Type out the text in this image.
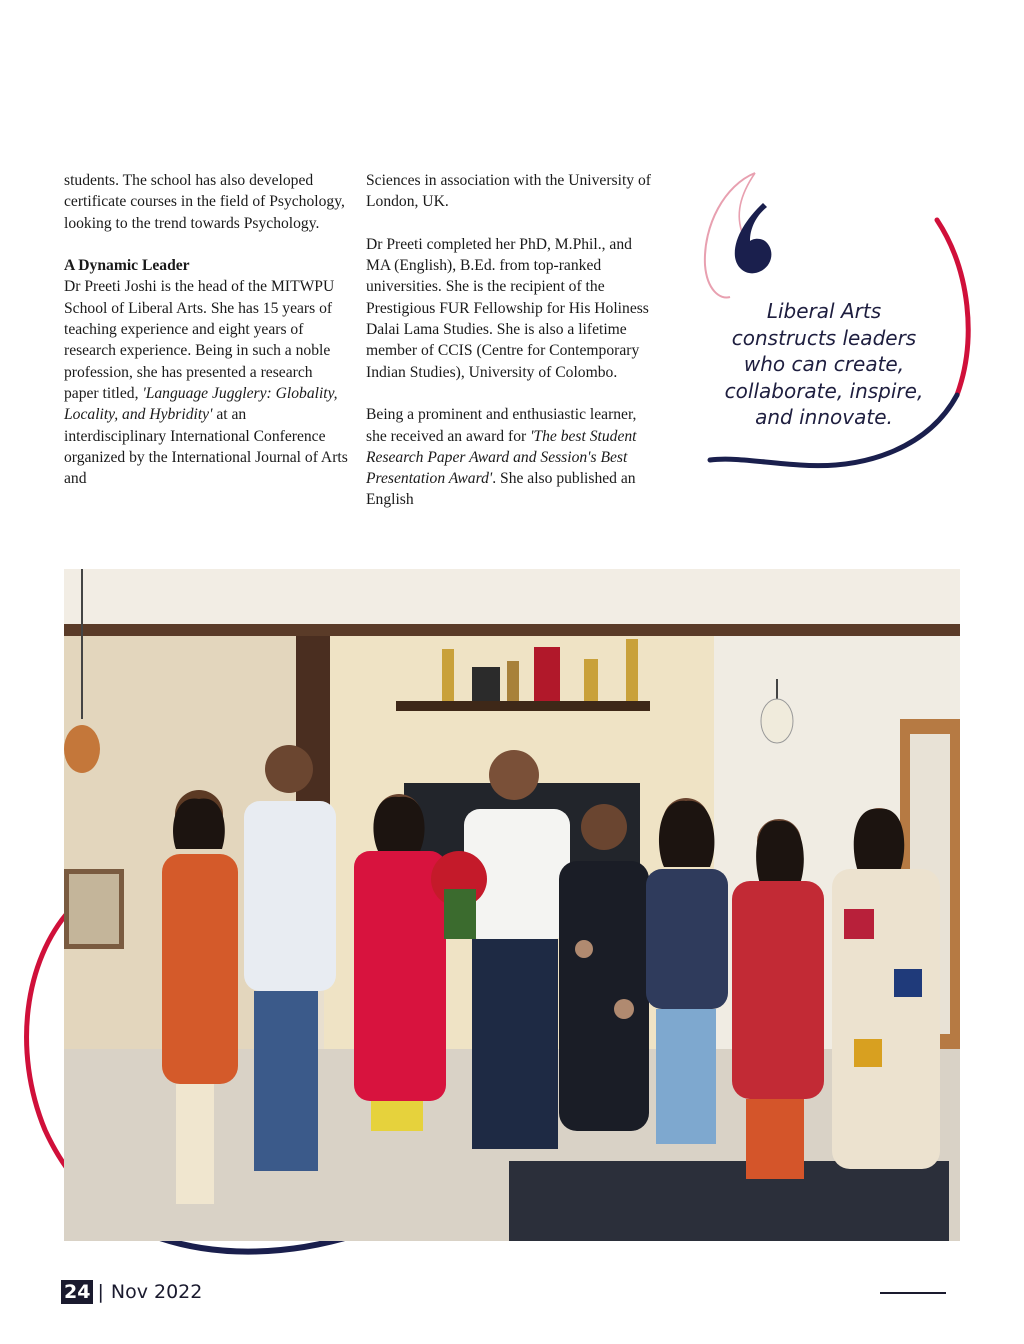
students. The school has also developed certificate courses in the field of Psychology, looking to the trend towards Psychology.

A Dynamic Leader
Dr Preeti Joshi is the head of the MITWPU School of Liberal Arts. She has 15 years of teaching experience and eight years of research experience. Being in such a noble profession, she has presented a research paper titled, 'Language Jugglery: Globality, Locality, and Hybridity' at an interdisciplinary International Conference organized by the International Journal of Arts and

Sciences in association with the University of London, UK.

Dr Preeti completed her PhD, M.Phil., and MA (English), B.Ed. from top-ranked universities. She is the recipient of the Prestigious FUR Fellowship for His Holiness Dalai Lama Studies. She is also a lifetime member of CCIS (Centre for Contemporary Indian Studies), University of Colombo.

Being a prominent and enthusiastic learner, she received an award for 'The best Student Research Paper Award and Session's Best Presentation Award'. She also published an English

Liberal Arts constructs leaders who can create, collaborate, inspire, and innovate.
24 | Nov 2022
